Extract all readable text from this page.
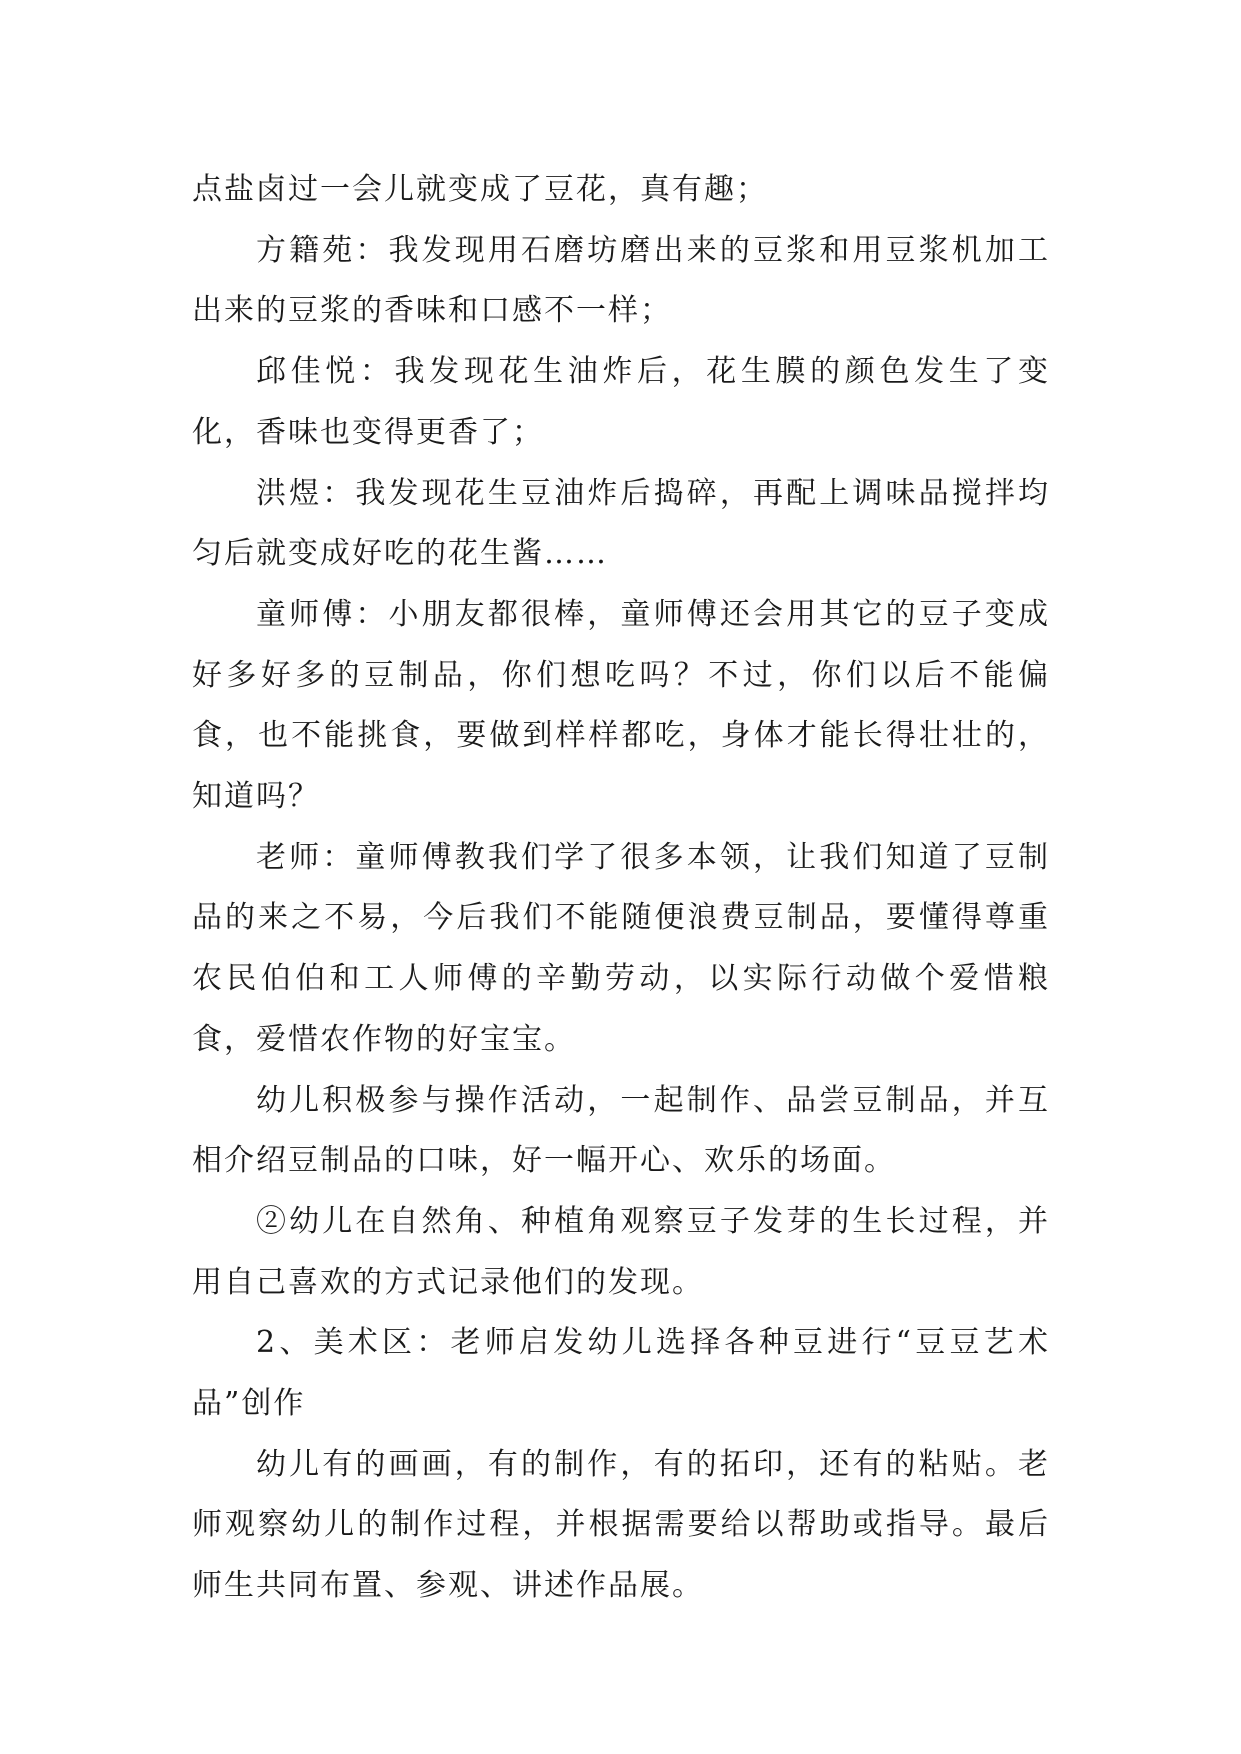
点盐卤过一会儿就变成了豆花，真有趣；

方籍苑：我发现用石磨坊磨出来的豆浆和用豆浆机加工出来的豆浆的香味和口感不一样；

邱佳悦：我发现花生油炸后，花生膜的颜色发生了变化，香味也变得更香了；

洪煜：我发现花生豆油炸后捣碎，再配上调味品搅拌均匀后就变成好吃的花生酱……

童师傅：小朋友都很棒，童师傅还会用其它的豆子变成好多好多的豆制品，你们想吃吗？不过，你们以后不能偏食，也不能挑食，要做到样样都吃，身体才能长得壮壮的，知道吗？

老师：童师傅教我们学了很多本领，让我们知道了豆制品的来之不易，今后我们不能随便浪费豆制品，要懂得尊重农民伯伯和工人师傅的辛勤劳动，以实际行动做个爱惜粮食，爱惜农作物的好宝宝。

幼儿积极参与操作活动，一起制作、品尝豆制品，并互相介绍豆制品的口味，好一幅开心、欢乐的场面。

②幼儿在自然角、种植角观察豆子发芽的生长过程，并用自己喜欢的方式记录他们的发现。

2、美术区：老师启发幼儿选择各种豆进行“豆豆艺术品”创作

幼儿有的画画，有的制作，有的拓印，还有的粘贴。老师观察幼儿的制作过程，并根据需要给以帮助或指导。最后师生共同布置、参观、讲述作品展。
